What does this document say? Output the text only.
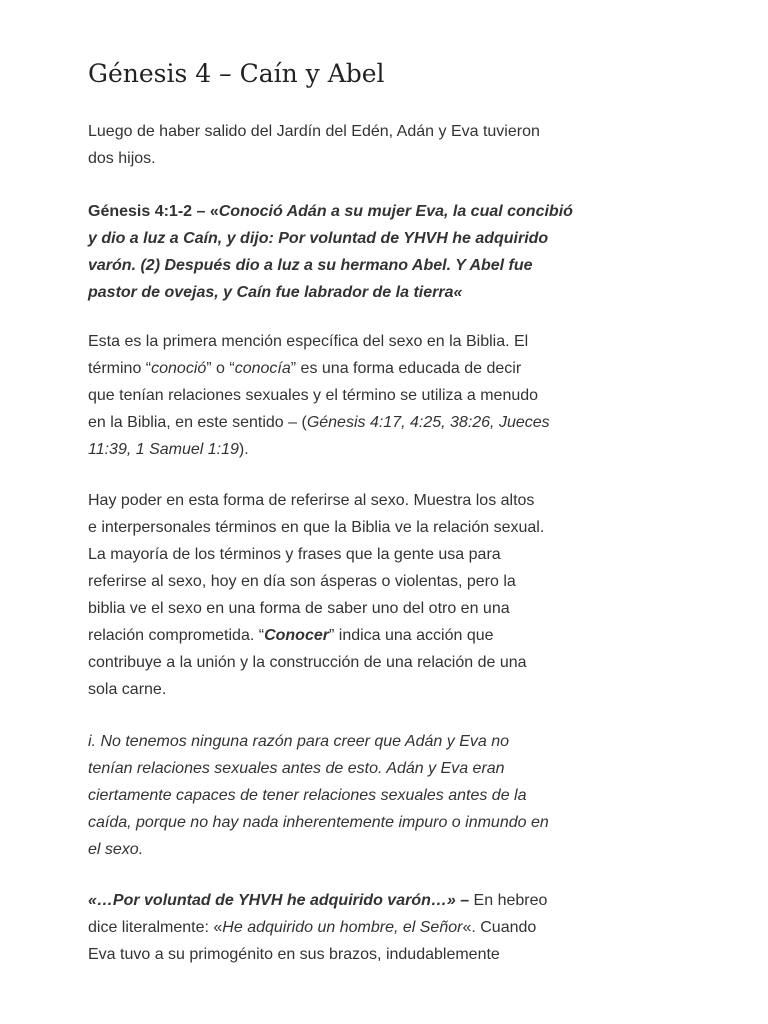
Génesis 4 – Caín y Abel

Luego de haber salido del Jardín del Edén, Adán y Eva tuvieron
dos hijos.

Génesis 4:1-2 – «Conoció Adán a su mujer Eva, la cual concibió
y dio a luz a Caín, y dijo: Por voluntad de YHVH he adquirido
varón. (2) Después dio a luz a su hermano Abel. Y Abel fue
pastor de ovejas, y Caín fue labrador de la tierra«

Esta es la primera mención específica del sexo en la Biblia. El
término “conoció” o “conocía” es una forma educada de decir
que tenían relaciones sexuales y el término se utiliza a menudo
en la Biblia, en este sentido – (Génesis 4:17, 4:25, 38:26, Jueces
11:39, 1 Samuel 1:19).

Hay poder en esta forma de referirse al sexo. Muestra los altos
e interpersonales términos en que la Biblia ve la relación sexual.
La mayoría de los términos y frases que la gente usa para
referirse al sexo, hoy en día son ásperas o violentas, pero la
biblia ve el sexo en una forma de saber uno del otro en una
relación comprometida. “Conocer” indica una acción que
contribuye a la unión y la construcción de una relación de una
sola carne.

i. No tenemos ninguna razón para creer que Adán y Eva no
tenían relaciones sexuales antes de esto. Adán y Eva eran
ciertamente capaces de tener relaciones sexuales antes de la
caída, porque no hay nada inherentemente impuro o inmundo en
el sexo.

«…Por voluntad de YHVH he adquirido varón…» – En hebreo
dice literalmente: «He adquirido un hombre, el Señor«. Cuando
Eva tuvo a su primogénito en sus brazos, indudablemente
